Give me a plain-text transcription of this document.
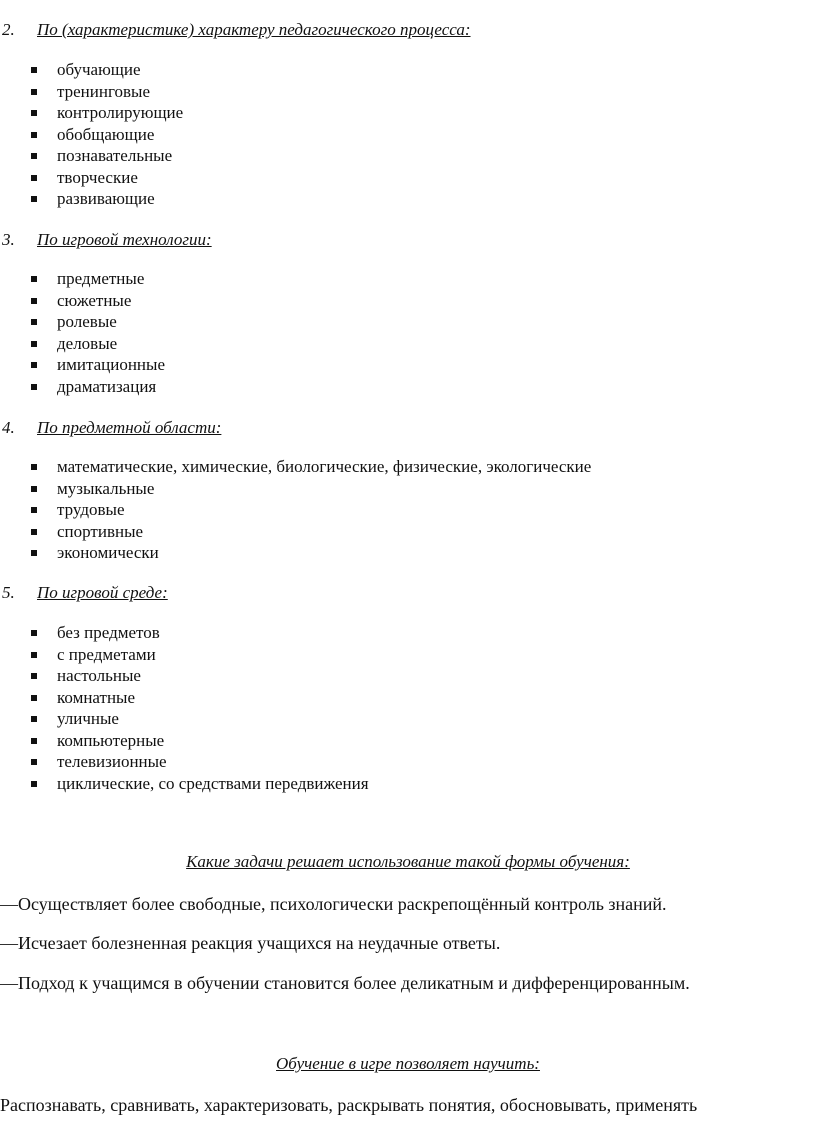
2. По (характеристике) характеру педагогического процесса:
обучающие
тренинговые
контролирующие
обобщающие
познавательные
творческие
развивающие
3. По игровой технологии:
предметные
сюжетные
ролевые
деловые
имитационные
драматизация
4. По предметной области:
математические, химические, биологические, физические, экологические
музыкальные
трудовые
спортивные
экономически
5. По игровой среде:
без предметов
с предметами
настольные
комнатные
уличные
компьютерные
телевизионные
циклические, со средствами передвижения
Какие задачи решает использование такой формы обучения:
—Осуществляет более свободные, психологически раскрепощённый контроль знаний.
—Исчезает болезненная реакция учащихся на неудачные ответы.
—Подход к учащимся в обучении становится более деликатным и дифференцированным.
Обучение в игре позволяет научить:
Распознавать, сравнивать, характеризовать, раскрывать понятия, обосновывать, применять
